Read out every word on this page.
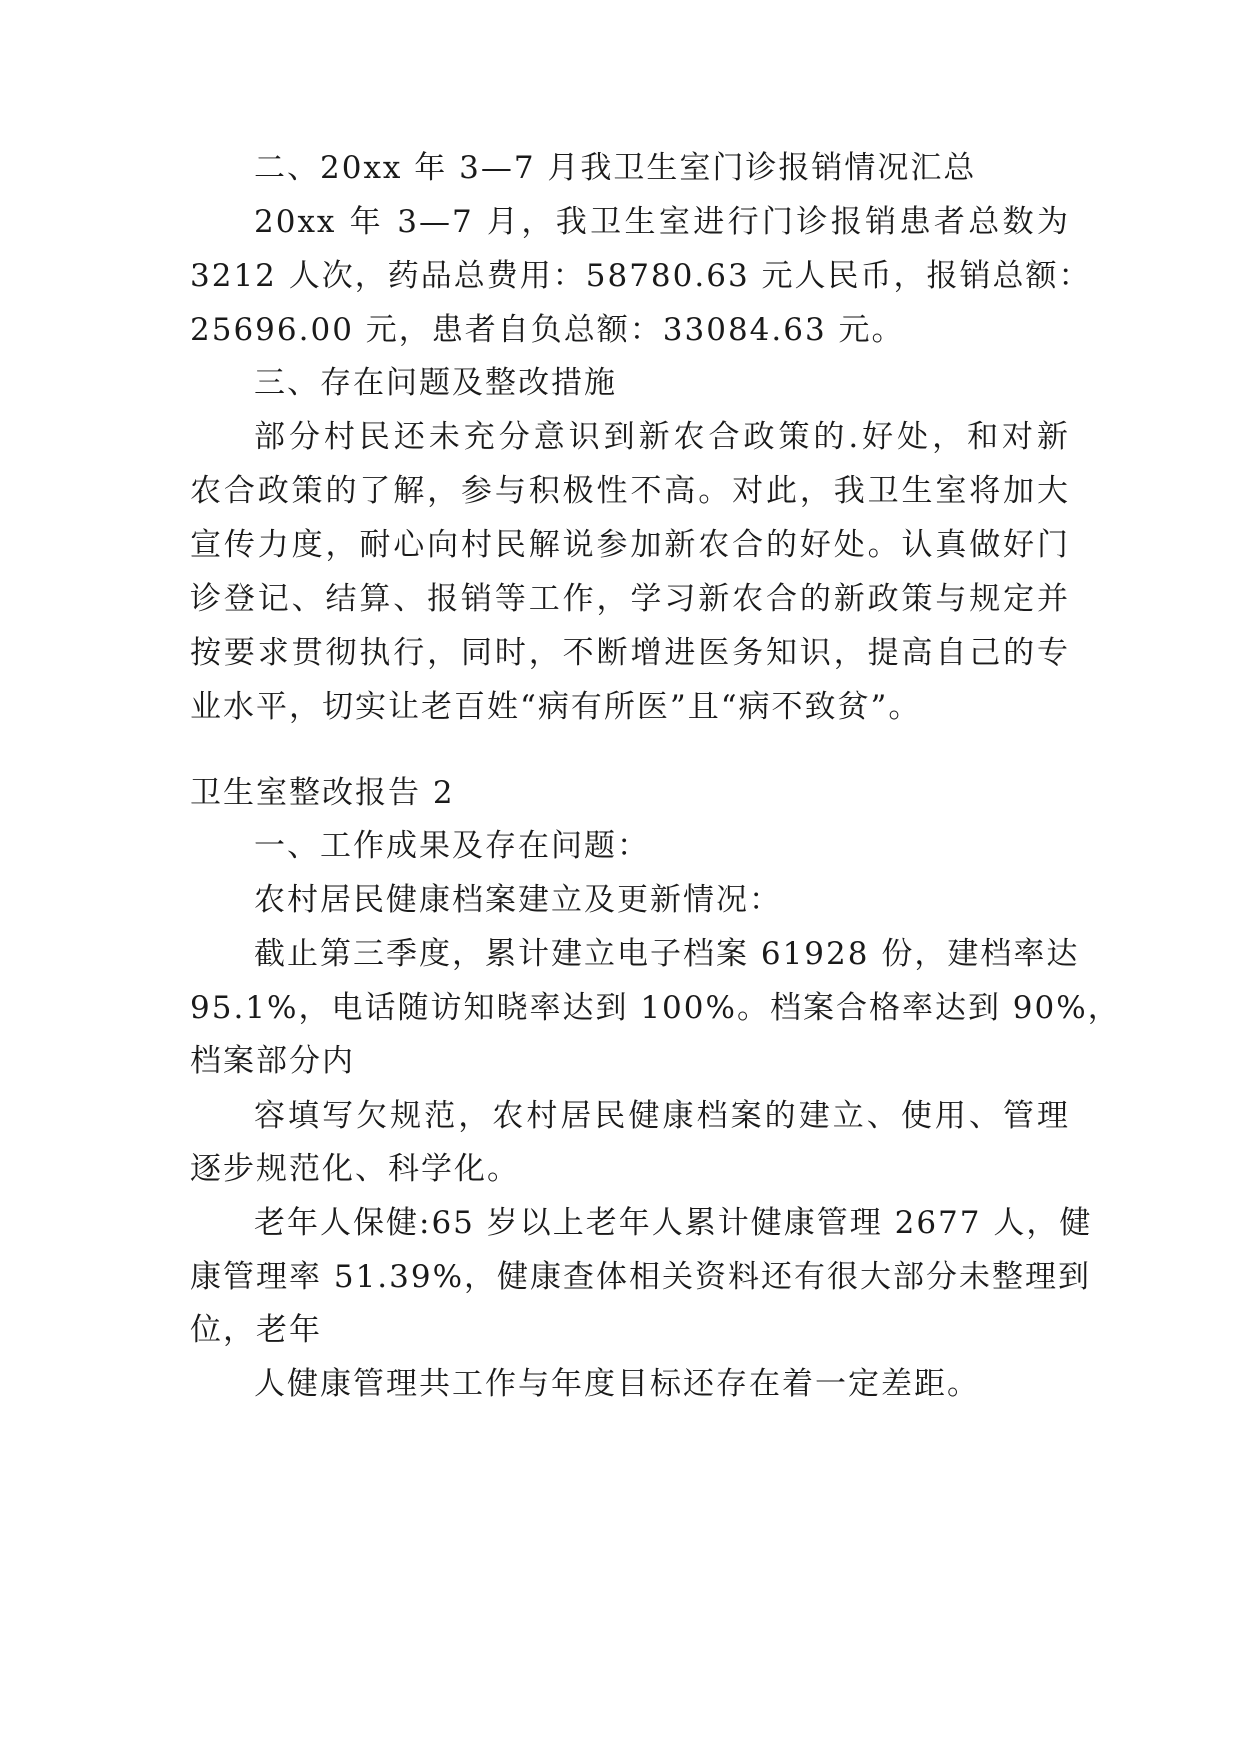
二、20xx 年 3—7 月我卫生室门诊报销情况汇总
20xx 年 3—7 月，我卫生室进行门诊报销患者总数为
3212 人次，药品总费用：58780.63 元人民币，报销总额：
25696.00 元，患者自负总额：33084.63 元。
三、存在问题及整改措施
部分村民还未充分意识到新农合政策的.好处，和对新
农合政策的了解，参与积极性不高。对此，我卫生室将加大
宣传力度，耐心向村民解说参加新农合的好处。认真做好门
诊登记、结算、报销等工作，学习新农合的新政策与规定并
按要求贯彻执行，同时，不断增进医务知识，提高自己的专
业水平，切实让老百姓“病有所医”且“病不致贫”。
卫生室整改报告 2
一、工作成果及存在问题：
农村居民健康档案建立及更新情况：
截止第三季度，累计建立电子档案 61928 份，建档率达
95.1%，电话随访知晓率达到 100%。档案合格率达到 90%，
档案部分内
容填写欠规范，农村居民健康档案的建立、使用、管理
逐步规范化、科学化。
老年人保健:65 岁以上老年人累计健康管理 2677 人，健
康管理率 51.39%，健康查体相关资料还有很大部分未整理到
位，老年
人健康管理共工作与年度目标还存在着一定差距。
